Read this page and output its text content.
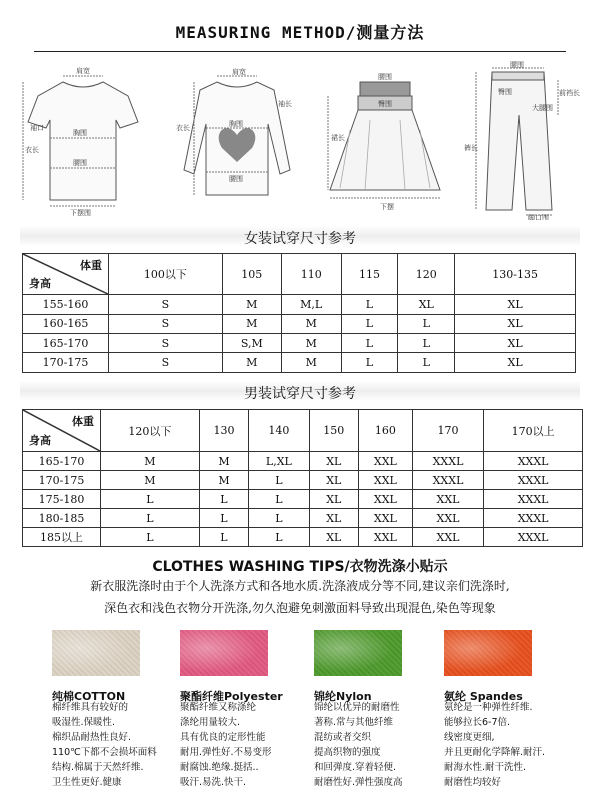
MEASURING METHOD/测量方法
肩宽
衣长
袖口
胸围
腰围
下摆围
肩宽
衣长
袖长
胸围
腰围
腰围
裙长
臀围
下摆
腰围
前裆长
臀围
大腿围
裤长
脚口围
女装试穿尺寸参考
体重
身高	100以下	105	110	115	120	130-135
155-160	S	M	M,L	L	XL	XL
160-165	S	M	M	L	L	XL
165-170	S	S,M	M	L	L	XL
170-175	S	M	M	L	L	XL
男装试穿尺寸参考
体重
身高	120以下	130	140	150	160	170	170以上
165-170	M	M	L,XL	XL	XXL	XXXL	XXXL
170-175	M	M	L	XL	XXL	XXXL	XXXL
175-180	L	L	L	XL	XXL	XXL	XXXL
180-185	L	L	L	XL	XXL	XXL	XXXL
185以上	L	L	L	XL	XXL	XXL	XXXL
CLOTHES WASHING TIPS/衣物洗涤小贴示
新衣服洗涤时由于个人洗涤方式和各地水质.洗涤液成分等不同,建议亲们洗涤时,
深色衣和浅色衣物分开洗涤,勿久泡避免刺激面料导致出现混色,染色等现象
纯棉COTTON	聚酯纤维Polyester	锦纶Nylon	氨纶 Spandes
棉纤维具有较好的
吸湿性.保暖性.
棉织品耐热性良好.
110℃下都不会损坏面料
结构.棉属于天然纤维.
卫生性更好.健康
聚酯纤维又称涤纶
涤纶用量较大.
具有优良的定形性能
耐用.弹性好.不易变形
耐腐蚀.绝缘.挺括..
吸汗.易洗.快干.
锦纶以优异的耐磨性
著称.常与其他纤维
混纺或者交织
提高织物的强度
和回弹度.穿着轻便.
耐磨性好.弹性强度高
氨纶是一种弹性纤维.
能够拉长6-7倍.
线密度更细,
并且更耐化学降解.耐汗.
耐海水性.耐干洗性.
耐磨性均较好
